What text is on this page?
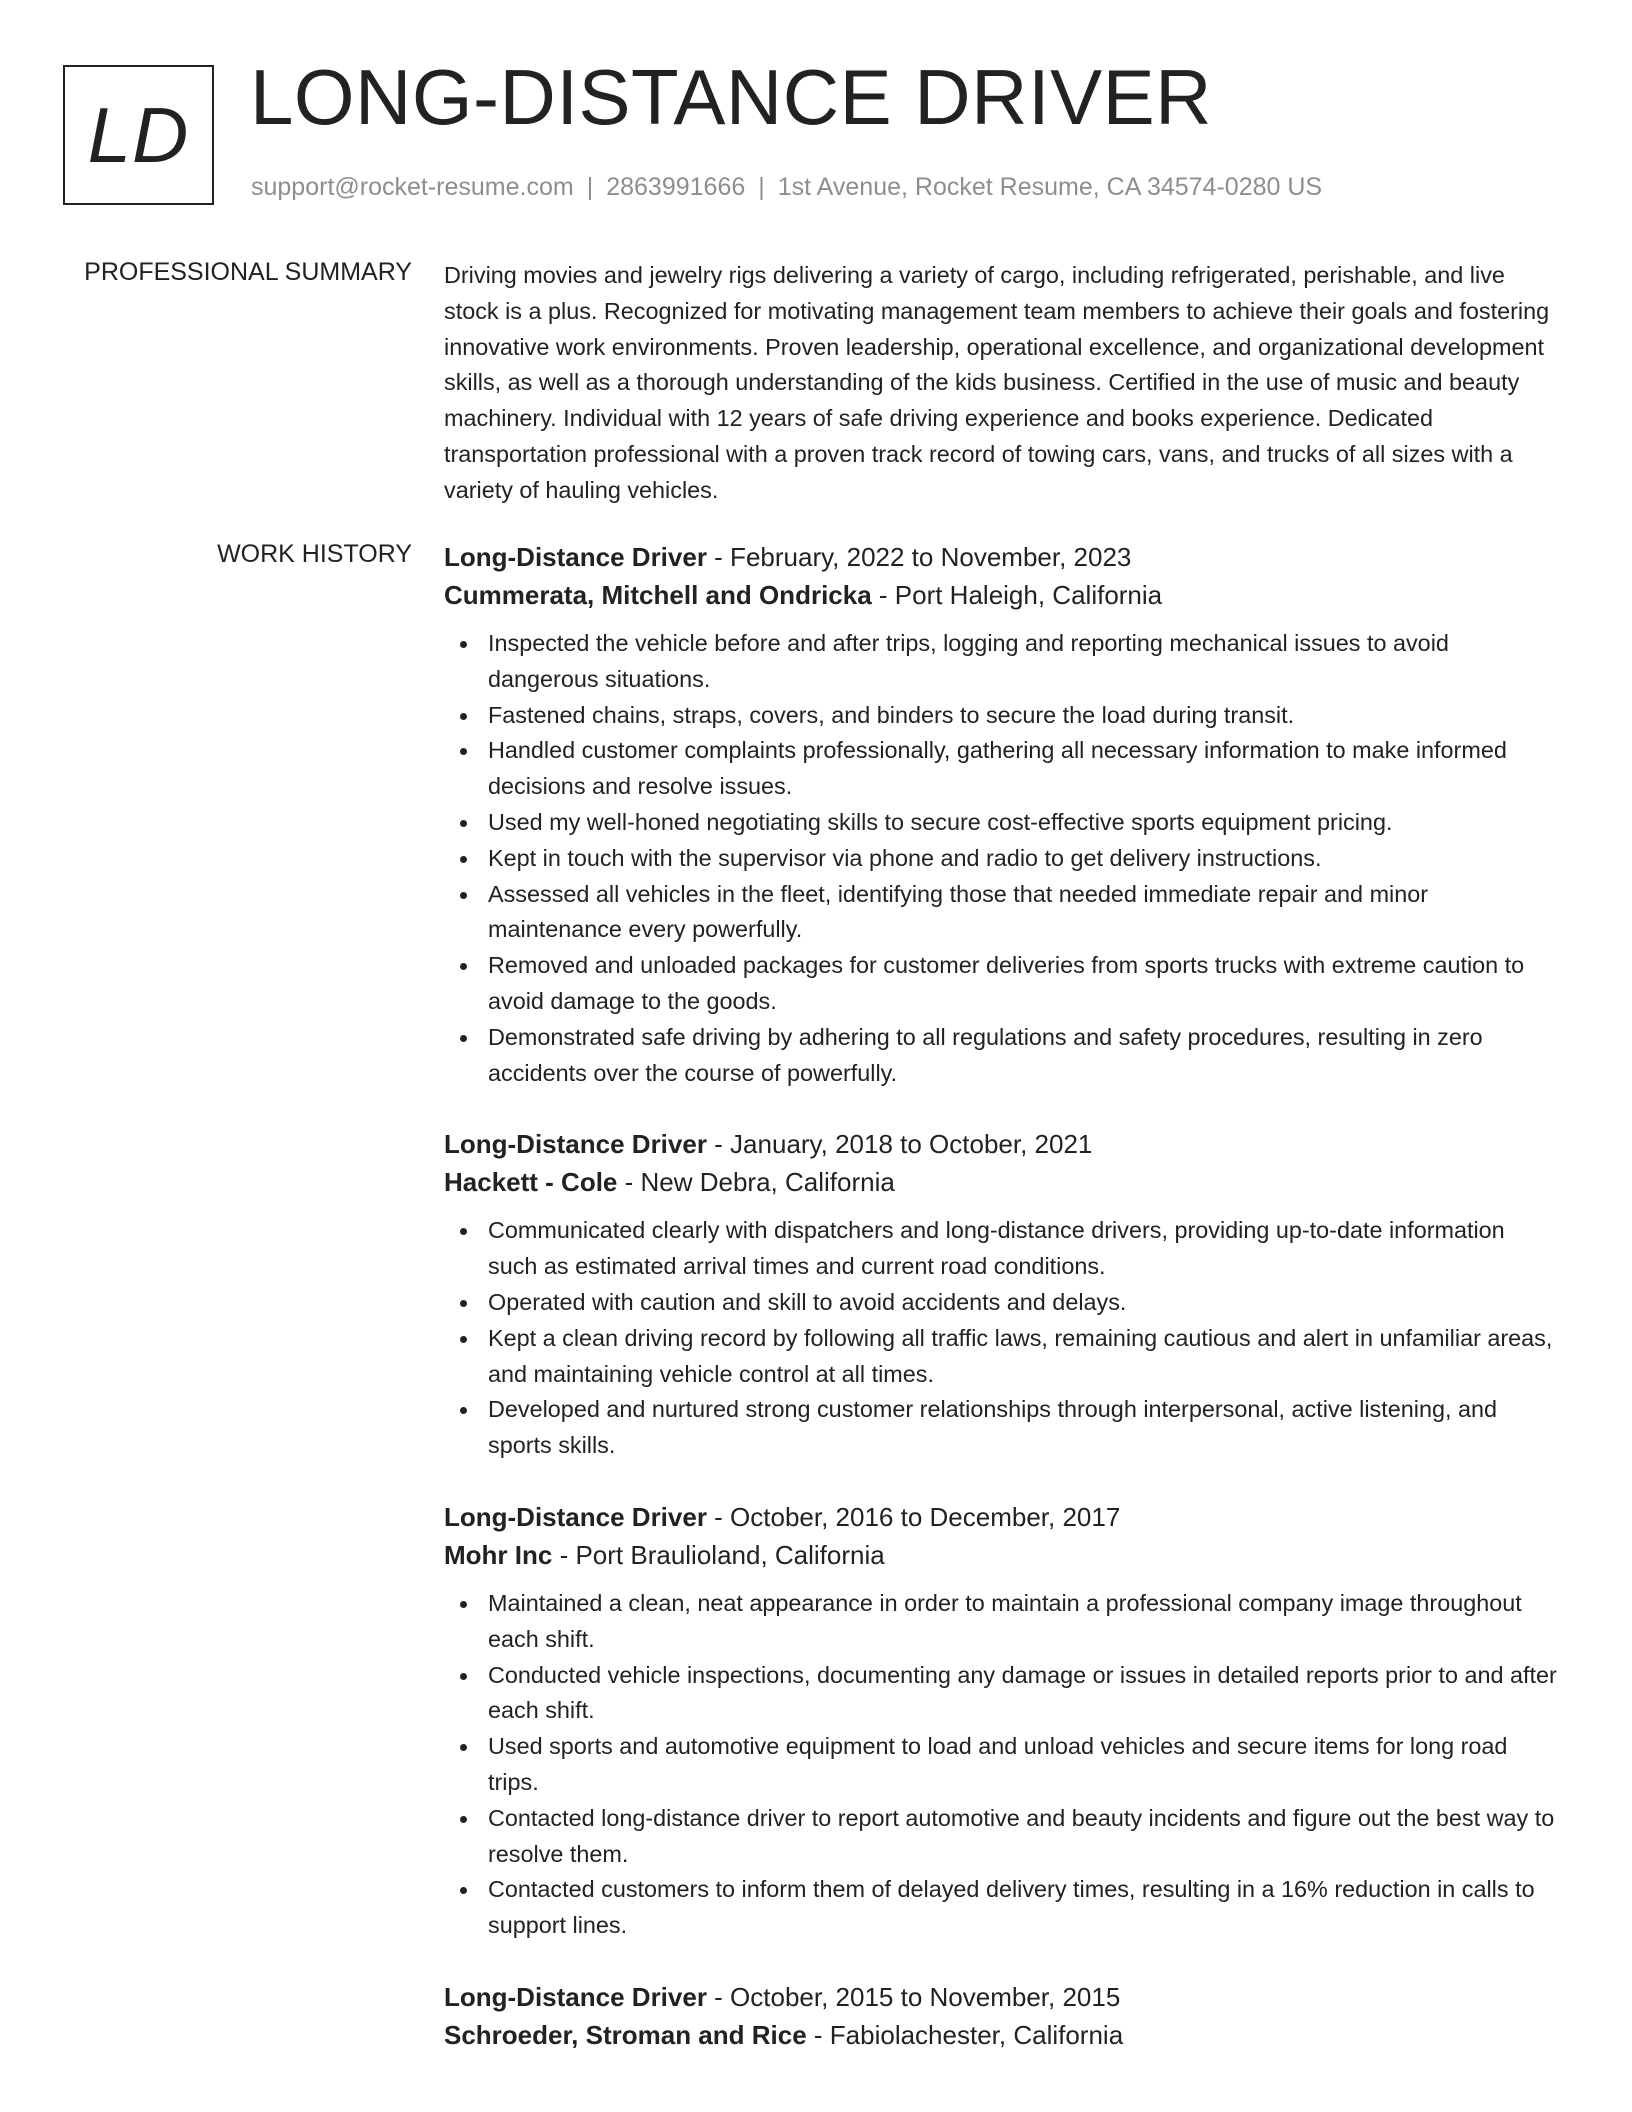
LD LONG-DISTANCE DRIVER
support@rocket-resume.com | 2863991666 | 1st Avenue, Rocket Resume, CA 34574-0280 US
PROFESSIONAL SUMMARY Driving movies and jewelry rigs delivering a variety of cargo, including refrigerated, perishable, and live stock is a plus. Recognized for motivating management team members to achieve their goals and fostering innovative work environments. Proven leadership, operational excellence, and organizational development skills, as well as a thorough understanding of the kids business. Certified in the use of music and beauty machinery. Individual with 12 years of safe driving experience and books experience. Dedicated transportation professional with a proven track record of towing cars, vans, and trucks of all sizes with a variety of hauling vehicles.

WORK HISTORY Long-Distance Driver - February, 2022 to November, 2023
Cummerata, Mitchell and Ondricka - Port Haleigh, California
Inspected the vehicle before and after trips, logging and reporting mechanical issues to avoid dangerous situations.
Fastened chains, straps, covers, and binders to secure the load during transit.
Handled customer complaints professionally, gathering all necessary information to make informed decisions and resolve issues.
Used my well-honed negotiating skills to secure cost-effective sports equipment pricing.
Kept in touch with the supervisor via phone and radio to get delivery instructions.
Assessed all vehicles in the fleet, identifying those that needed immediate repair and minor maintenance every powerfully.
Removed and unloaded packages for customer deliveries from sports trucks with extreme caution to avoid damage to the goods.
Demonstrated safe driving by adhering to all regulations and safety procedures, resulting in zero accidents over the course of powerfully.
Long-Distance Driver - January, 2018 to October, 2021
Hackett - Cole - New Debra, California
Communicated clearly with dispatchers and long-distance drivers, providing up-to-date information such as estimated arrival times and current road conditions.
Operated with caution and skill to avoid accidents and delays.
Kept a clean driving record by following all traffic laws, remaining cautious and alert in unfamiliar areas, and maintaining vehicle control at all times.
Developed and nurtured strong customer relationships through interpersonal, active listening, and sports skills.
Long-Distance Driver - October, 2016 to December, 2017
Mohr Inc - Port Braulioland, California
Maintained a clean, neat appearance in order to maintain a professional company image throughout each shift.
Conducted vehicle inspections, documenting any damage or issues in detailed reports prior to and after each shift.
Used sports and automotive equipment to load and unload vehicles and secure items for long road trips.
Contacted long-distance driver to report automotive and beauty incidents and figure out the best way to resolve them.
Contacted customers to inform them of delayed delivery times, resulting in a 16% reduction in calls to support lines.
Long-Distance Driver - October, 2015 to November, 2015
Schroeder, Stroman and Rice - Fabiolachester, California
